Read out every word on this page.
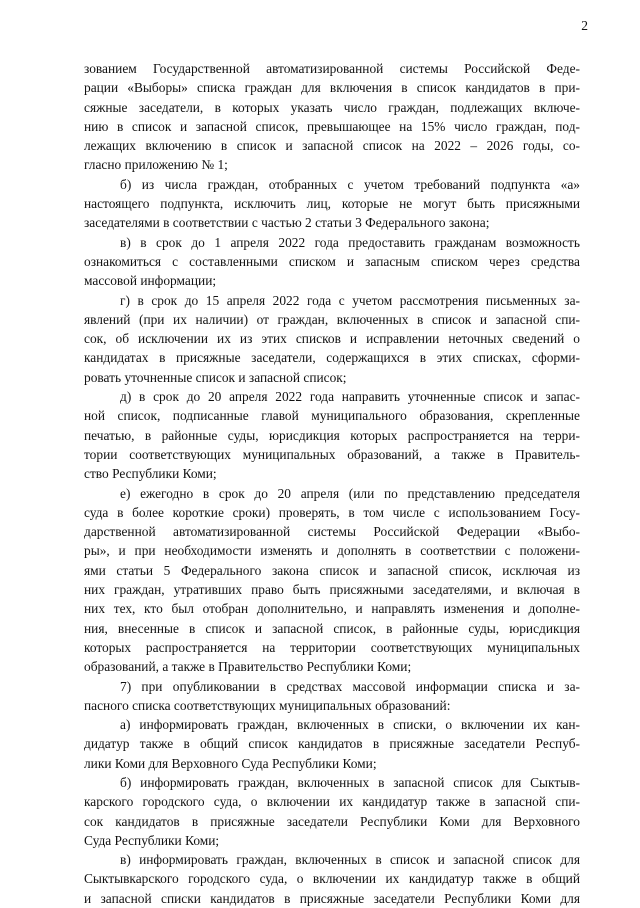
2
зованием Государственной автоматизированной системы Российской Феде-
рации «Выборы» списка граждан для включения в список кандидатов в при-
сяжные заседатели, в которых указать число граждан, подлежащих включе-
нию в список и запасной список, превышающее на 15% число граждан, под-
лежащих включению в список и запасной список на 2022 – 2026 годы, со-
гласно приложению № 1;
б) из числа граждан, отобранных с учетом требований подпункта «а»
настоящего подпункта, исключить лиц, которые не могут быть присяжными
заседателями в соответствии с частью 2 статьи 3 Федерального закона;
в) в срок до 1 апреля 2022 года предоставить гражданам возможность
ознакомиться с составленными списком и запасным списком через средства
массовой информации;
г) в срок до 15 апреля 2022 года с учетом рассмотрения письменных за-
явлений (при их наличии) от граждан, включенных в список и запасной спи-
сок, об исключении их из этих списков и исправлении неточных сведений о
кандидатах в присяжные заседатели, содержащихся в этих списках, сформи-
ровать уточненные список и запасной список;
д) в срок до 20 апреля 2022 года направить уточненные список и запас-
ной список, подписанные главой муниципального образования, скрепленные
печатью, в районные суды, юрисдикция которых распространяется на терри-
тории соответствующих муниципальных образований, а также в Правитель-
ство Республики Коми;
е) ежегодно в срок до 20 апреля (или по представлению председателя
суда в более короткие сроки) проверять, в том числе с использованием Госу-
дарственной автоматизированной системы Российской Федерации «Выбо-
ры», и при необходимости изменять и дополнять в соответствии с положени-
ями статьи 5 Федерального закона список и запасной список, исключая из
них граждан, утративших право быть присяжными заседателями, и включая в
них тех, кто был отобран дополнительно, и направлять изменения и дополне-
ния, внесенные в список и запасной список, в районные суды, юрисдикция
которых распространяется на территории соответствующих муниципальных
образований, а также в Правительство Республики Коми;
7) при опубликовании в средствах массовой информации списка и за-
пасного списка соответствующих муниципальных образований:
а) информировать граждан, включенных в списки, о включении их кан-
дидатур также в общий список кандидатов в присяжные заседатели Респуб-
лики Коми для Верховного Суда Республики Коми;
б) информировать граждан, включенных в запасной список для Сыктыв-
карского городского суда, о включении их кандидатур также в запасной спи-
сок кандидатов в присяжные заседатели Республики Коми для Верховного
Суда Республики Коми;
в) информировать граждан, включенных в список и запасной список для
Сыктывкарского городского суда, о включении их кандидатур также в общий
и запасной списки кандидатов в присяжные заседатели Республики Коми для
